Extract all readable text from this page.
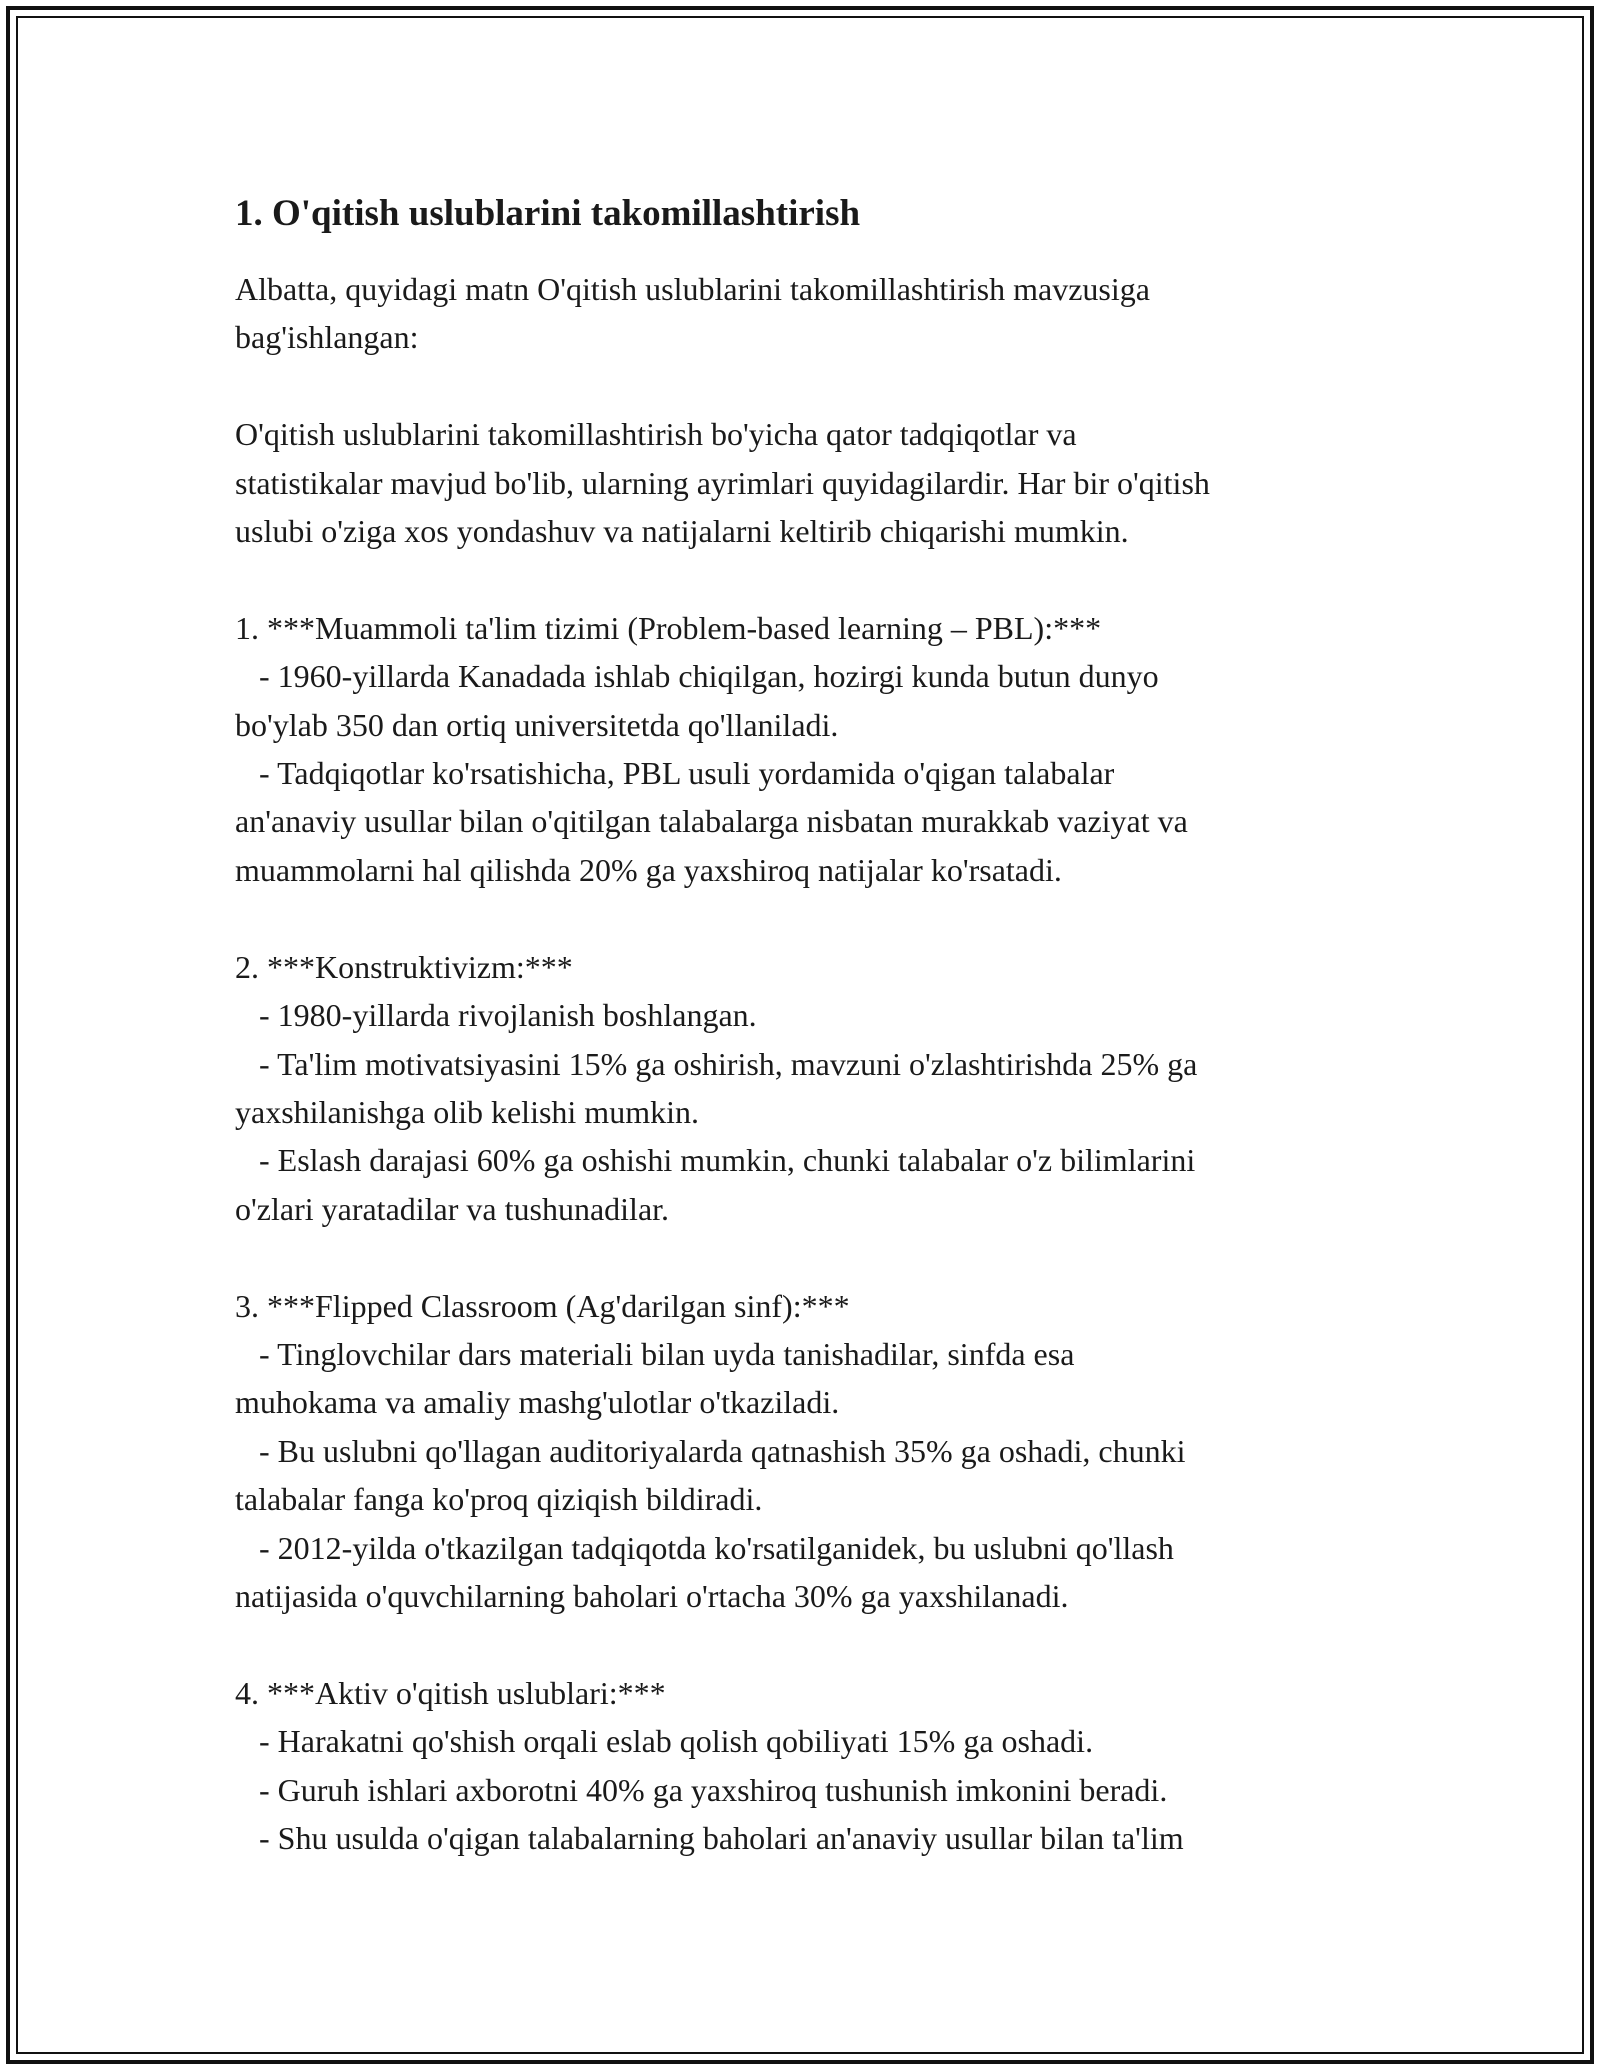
1. O'qitish uslublarini takomillashtirish

Albatta, quyidagi matn O'qitish uslublarini takomillashtirish mavzusiga
bag'ishlangan:

O'qitish uslublarini takomillashtirish bo'yicha qator tadqiqotlar va
statistikalar mavjud bo'lib, ularning ayrimlari quyidagilardir. Har bir o'qitish
uslubi o'ziga xos yondashuv va natijalarni keltirib chiqarishi mumkin.

1. ***Muammoli ta'lim tizimi (Problem-based learning – PBL):***
- 1960-yillarda Kanadada ishlab chiqilgan, hozirgi kunda butun dunyo
bo'ylab 350 dan ortiq universitetda qo'llaniladi.
- Tadqiqotlar ko'rsatishicha, PBL usuli yordamida o'qigan talabalar
an'anaviy usullar bilan o'qitilgan talabalarga nisbatan murakkab vaziyat va
muammolarni hal qilishda 20% ga yaxshiroq natijalar ko'rsatadi.

2. ***Konstruktivizm:***
- 1980-yillarda rivojlanish boshlangan.
- Ta'lim motivatsiyasini 15% ga oshirish, mavzuni o'zlashtirishda 25% ga
yaxshilanishga olib kelishi mumkin.
- Eslash darajasi 60% ga oshishi mumkin, chunki talabalar o'z bilimlarini
o'zlari yaratadilar va tushunadilar.

3. ***Flipped Classroom (Ag'darilgan sinf):***
- Tinglovchilar dars materiali bilan uyda tanishadilar, sinfda esa
muhokama va amaliy mashg'ulotlar o'tkaziladi.
- Bu uslubni qo'llagan auditoriyalarda qatnashish 35% ga oshadi, chunki
talabalar fanga ko'proq qiziqish bildiradi.
- 2012-yilda o'tkazilgan tadqiqotda ko'rsatilganidek, bu uslubni qo'llash
natijasida o'quvchilarning baholari o'rtacha 30% ga yaxshilanadi.

4. ***Aktiv o'qitish uslublari:***
- Harakatni qo'shish orqali eslab qolish qobiliyati 15% ga oshadi.
- Guruh ishlari axborotni 40% ga yaxshiroq tushunish imkonini beradi.
- Shu usulda o'qigan talabalarning baholari an'anaviy usullar bilan ta'lim
